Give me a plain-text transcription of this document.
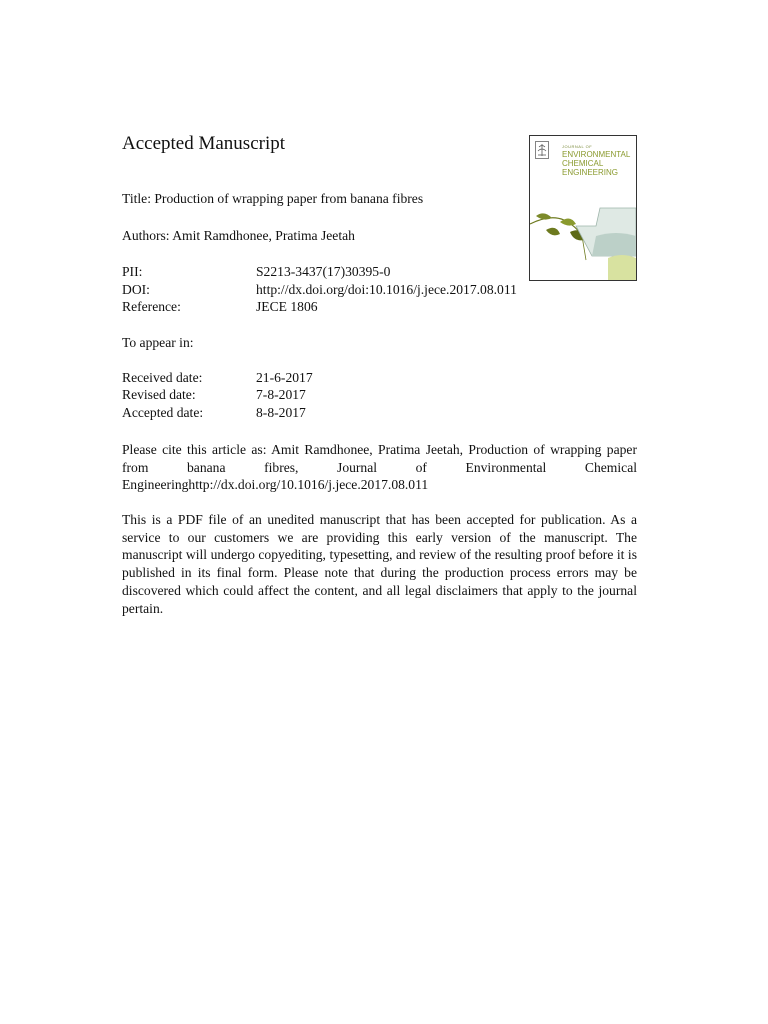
Accepted Manuscript	JOURNAL OF
ENVIRONMENTAL
CHEMICAL
ENGINEERING
Title: Production of wrapping paper from banana fibres
Authors: Amit Ramdhonee, Pratima Jeetah
PII:	S2213-3437(17)30395-0
DOI:	http://dx.doi.org/doi:10.1016/j.jece.2017.08.011
Reference:	JECE 1806
To appear in:
Received date:	21-6-2017
Revised date:	7-8-2017
Accepted date:	8-8-2017

Please cite this article as: Amit Ramdhonee, Pratima Jeetah, Production of wrapping paper from banana fibres, Journal of Environmental Chemical Engineeringhttp://dx.doi.org/10.1016/j.jece.2017.08.011

This is a PDF file of an unedited manuscript that has been accepted for publication. As a service to our customers we are providing this early version of the manuscript. The manuscript will undergo copyediting, typesetting, and review of the resulting proof before it is published in its final form. Please note that during the production process errors may be discovered which could affect the content, and all legal disclaimers that apply to the journal pertain.
